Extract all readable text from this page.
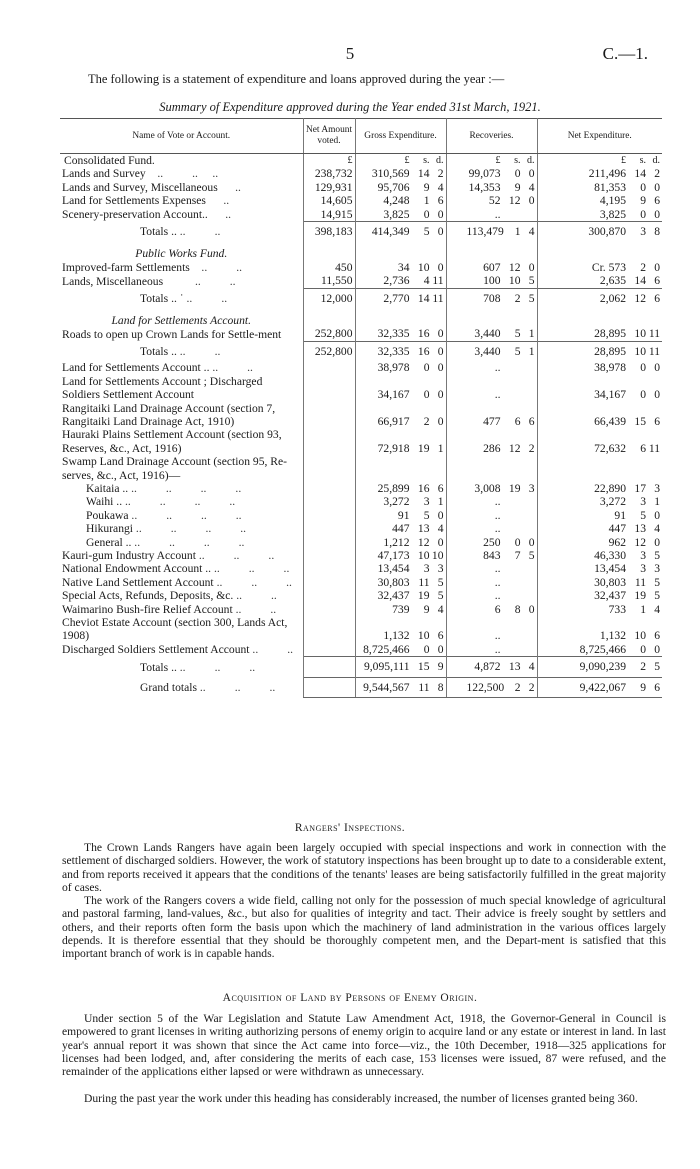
5	C.—1.
The following is a statement of expenditure and loans approved during the year :—
Summary of Expenditure approved during the Year ended 31st March, 1921.
Name of Vote or Account.	Net Amount voted.	Gross Expenditure.	Recoveries.	Net Expenditure.
Consolidated Fund.	£	£ s. d.	£ s. d.	£ s. d.
Lands and Survey    ..          ..     ..	238,732	310,569 14 2	99,073 0 0	211,496 14 2
Lands and Survey, Miscellaneous      ..	129,931	95,706 9 4	14,353 9 4	81,353 0 0
Land for Settlements Expenses      ..	14,605	4,248 1 6	52 12 0	4,195 9 6
Scenery-preservation Account..      ..	14,915	3,825 0 0	..	3,825 0 0
Totals .. ..          ..	398,183	414,349 5 0	113,479 1 4	300,870 3 8
Public Works Fund.				
Improved-farm Settlements    ..          ..	450	34 10 0	607 12 0	Cr. 573 2 0
Lands, Miscellaneous           ..          ..	11,550	2,736 4 11	100 10 5	2,635 14 6
Totals .. ˙ ..          ..	12,000	2,770 14 11	708 2 5	2,062 12 6
Land for Settlements Account.				
Roads to open up Crown Lands for Settle-ment	252,800	32,335 16 0	3,440 5 1	28,895 10 11
Totals .. ..          ..	252,800	32,335 16 0	3,440 5 1	28,895 10 11
Land for Settlements Account .. ..          ..		38,978 0 0	..	38,978 0 0
Land for Settlements Account ; Discharged Soldiers Settlement Account		34,167 0 0	..	34,167 0 0
Rangitaiki Land Drainage Account (section 7, Rangitaiki Land Drainage Act, 1910)		66,917 2 0	477 6 6	66,439 15 6
Hauraki Plains Settlement Account (section 93, Reserves, &c., Act, 1916)		72,918 19 1	286 12 2	72,632 6 11
Swamp Land Drainage Account (section 95, Re-serves, &c., Act, 1916)—				
Kaitaia .. ..          ..          ..          ..		25,899 16 6	3,008 19 3	22,890 17 3
Waihi .. ..          ..          ..          ..		3,272 3 1	..	3,272 3 1
Poukawa ..          ..          ..          ..		91 5 0	..	91 5 0
Hikurangi ..          ..          ..          ..		447 13 4	..	447 13 4
General .. ..          ..          ..          ..		1,212 12 0	250 0 0	962 12 0
Kauri-gum Industry Account ..          ..          ..		47,173 10 10	843 7 5	46,330 3 5
National Endowment Account .. ..          ..          ..		13,454 3 3	..	13,454 3 3
Native Land Settlement Account ..          ..          ..		30,803 11 5	..	30,803 11 5
Special Acts, Refunds, Deposits, &c. ..          ..		32,437 19 5	..	32,437 19 5
Waimarino Bush-fire Relief Account ..          ..		739 9 4	6 8 0	733 1 4
Cheviot Estate Account (section 300, Lands Act, 1908)		1,132 10 6	..	1,132 10 6
Discharged Soldiers Settlement Account ..          ..		8,725,466 0 0	..	8,725,466 0 0
Totals .. ..          ..          ..		9,095,111 15 9	4,872 13 4	9,090,239 2 5
Grand totals ..          ..          ..		9,544,567 11 8	122,500 2 2	9,422,067 9 6
Rangers' Inspections.
The Crown Lands Rangers have again been largely occupied with special inspections and work in connection with the settlement of discharged soldiers. However, the work of statutory inspections has been brought up to date to a considerable extent, and from reports received it appears that the conditions of the tenants' leases are being satisfactorily fulfilled in the great majority of cases.
The work of the Rangers covers a wide field, calling not only for the possession of much special knowledge of agricultural and pastoral farming, land-values, &c., but also for qualities of integrity and tact. Their advice is freely sought by settlers and others, and their reports often form the basis upon which the machinery of land administration in the various offices largely depends. It is therefore essential that they should be thoroughly competent men, and the Depart-ment is satisfied that this important branch of work is in capable hands.
Acquisition of Land by Persons of Enemy Origin.
Under section 5 of the War Legislation and Statute Law Amendment Act, 1918, the Governor-General in Council is empowered to grant licenses in writing authorizing persons of enemy origin to acquire land or any estate or interest in land. In last year's annual report it was shown that since the Act came into force—viz., the 10th December, 1918—325 applications for licenses had been lodged, and, after considering the merits of each case, 153 licenses were issued, 87 were refused, and the remainder of the applications either lapsed or were withdrawn as unnecessary.
During the past year the work under this heading has considerably increased, the number of licenses granted being 360.
